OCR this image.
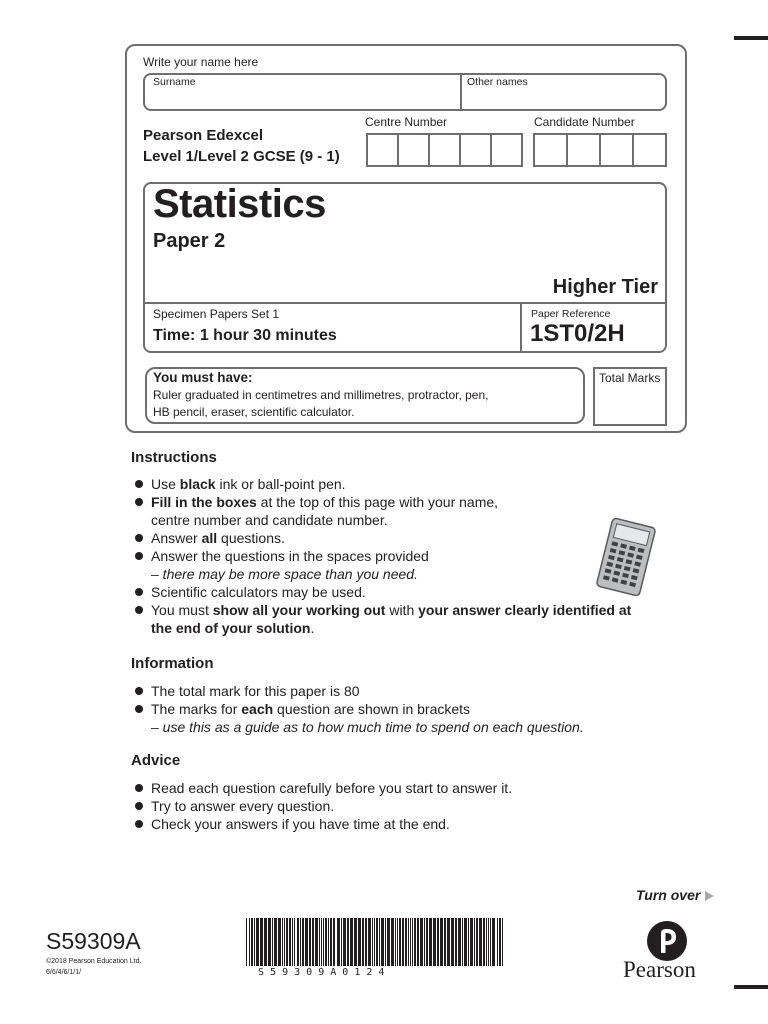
Write your name here
Surname	Other names
Pearson Edexcel
Level 1/Level 2 GCSE (9 - 1)
Centre Number	Candidate Number
Statistics
Paper 2
Higher Tier
Specimen Papers Set 1
Time: 1 hour 30 minutes
Paper Reference
1ST0/2H
You must have:
Ruler graduated in centimetres and millimetres, protractor, pen,
HB pencil, eraser, scientific calculator.
Total Marks
Instructions
Use black ink or ball-point pen.
Fill in the boxes at the top of this page with your name,
centre number and candidate number.
Answer all questions.
Answer the questions in the spaces provided
– there may be more space than you need.
Scientific calculators may be used.
You must show all your working out with your answer clearly identified at
the end of your solution.
Information
The total mark for this paper is 80
The marks for each question are shown in brackets
– use this as a guide as to how much time to spend on each question.
Advice
Read each question carefully before you start to answer it.
Try to answer every question.
Check your answers if you have time at the end.
Turn over
S59309A
©2018 Pearson Education Ltd.
6/6/4/6/1/1/	S 5 9 3 0 9 A 0 1 2 4	Pearson
